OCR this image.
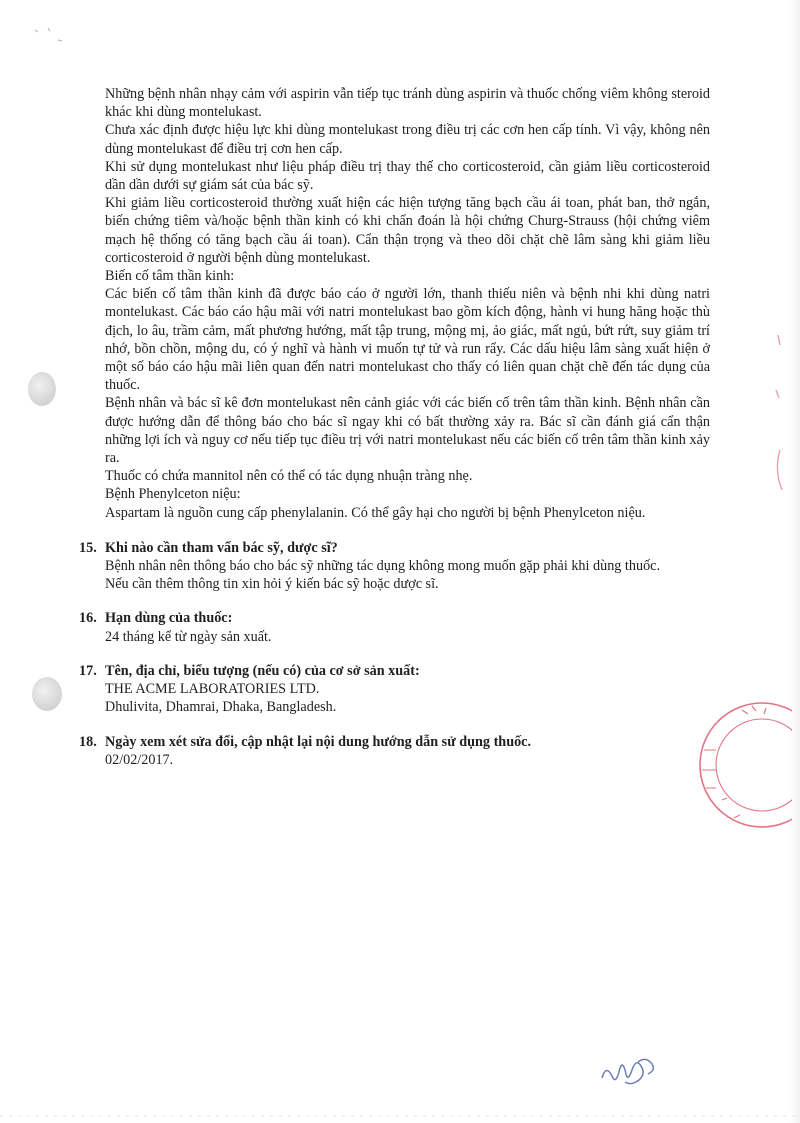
Những bệnh nhân nhạy cảm với aspirin vẫn tiếp tục tránh dùng aspirin và thuốc chống viêm không steroid khác khi dùng montelukast.

Chưa xác định được hiệu lực khi dùng montelukast trong điều trị các cơn hen cấp tính. Vì vậy, không nên dùng montelukast để điều trị cơn hen cấp.

Khi sử dụng montelukast như liệu pháp điều trị thay thế cho corticosteroid, cần giảm liều corticosteroid dần dần dưới sự giám sát của bác sỹ.

Khi giảm liều corticosteroid thường xuất hiện các hiện tượng tăng bạch cầu ái toan, phát ban, thở ngắn, biến chứng tiêm và/hoặc bệnh thần kinh có khi chẩn đoán là hội chứng Churg-Strauss (hội chứng viêm mạch hệ thống có tăng bạch cầu ái toan). Cẩn thận trọng và theo dõi chặt chẽ lâm sàng khi giảm liều corticosteroid ở người bệnh dùng montelukast.

Biến cố tâm thần kinh:

Các biến cố tâm thần kinh đã được báo cáo ở người lớn, thanh thiếu niên và bệnh nhi khi dùng natri montelukast. Các báo cáo hậu mãi với natri montelukast bao gồm kích động, hành vi hung hăng hoặc thù địch, lo âu, trầm cảm, mất phương hướng, mất tập trung, mộng mị, ảo giác, mất ngủ, bứt rứt, suy giảm trí nhớ, bồn chồn, mộng du, có ý nghĩ và hành vi muốn tự tử và run rẩy. Các dấu hiệu lâm sàng xuất hiện ở một số báo cáo hậu mãi liên quan đến natri montelukast cho thấy có liên quan chặt chẽ đến tác dụng của thuốc.

Bệnh nhân và bác sĩ kê đơn montelukast nên cảnh giác với các biến cố trên tâm thần kinh. Bệnh nhân cần được hướng dẫn để thông báo cho bác sĩ ngay khi có bất thường xảy ra. Bác sĩ cần đánh giá cẩn thận những lợi ích và nguy cơ nếu tiếp tục điều trị với natri montelukast nếu các biến cố trên tâm thần kinh xảy ra.

Thuốc có chứa mannitol nên có thể có tác dụng nhuận tràng nhẹ.

Bệnh Phenylceton niệu:

Aspartam là nguồn cung cấp phenylalanin. Có thể gây hại cho người bị bệnh Phenylceton niệu.

15. Khi nào cần tham vấn bác sỹ, dược sĩ?

Bệnh nhân nên thông báo cho bác sỹ những tác dụng không mong muốn gặp phải khi dùng thuốc.

Nếu cần thêm thông tin xin hỏi ý kiến bác sỹ hoặc dược sĩ.

16. Hạn dùng của thuốc:

24 tháng kể từ ngày sản xuất.

17. Tên, địa chỉ, biểu tượng (nếu có) của cơ sở sản xuất:

THE ACME LABORATORIES LTD.

Dhulivita, Dhamrai, Dhaka, Bangladesh.

18. Ngày xem xét sửa đổi, cập nhật lại nội dung hướng dẫn sử dụng thuốc.

02/02/2017.
